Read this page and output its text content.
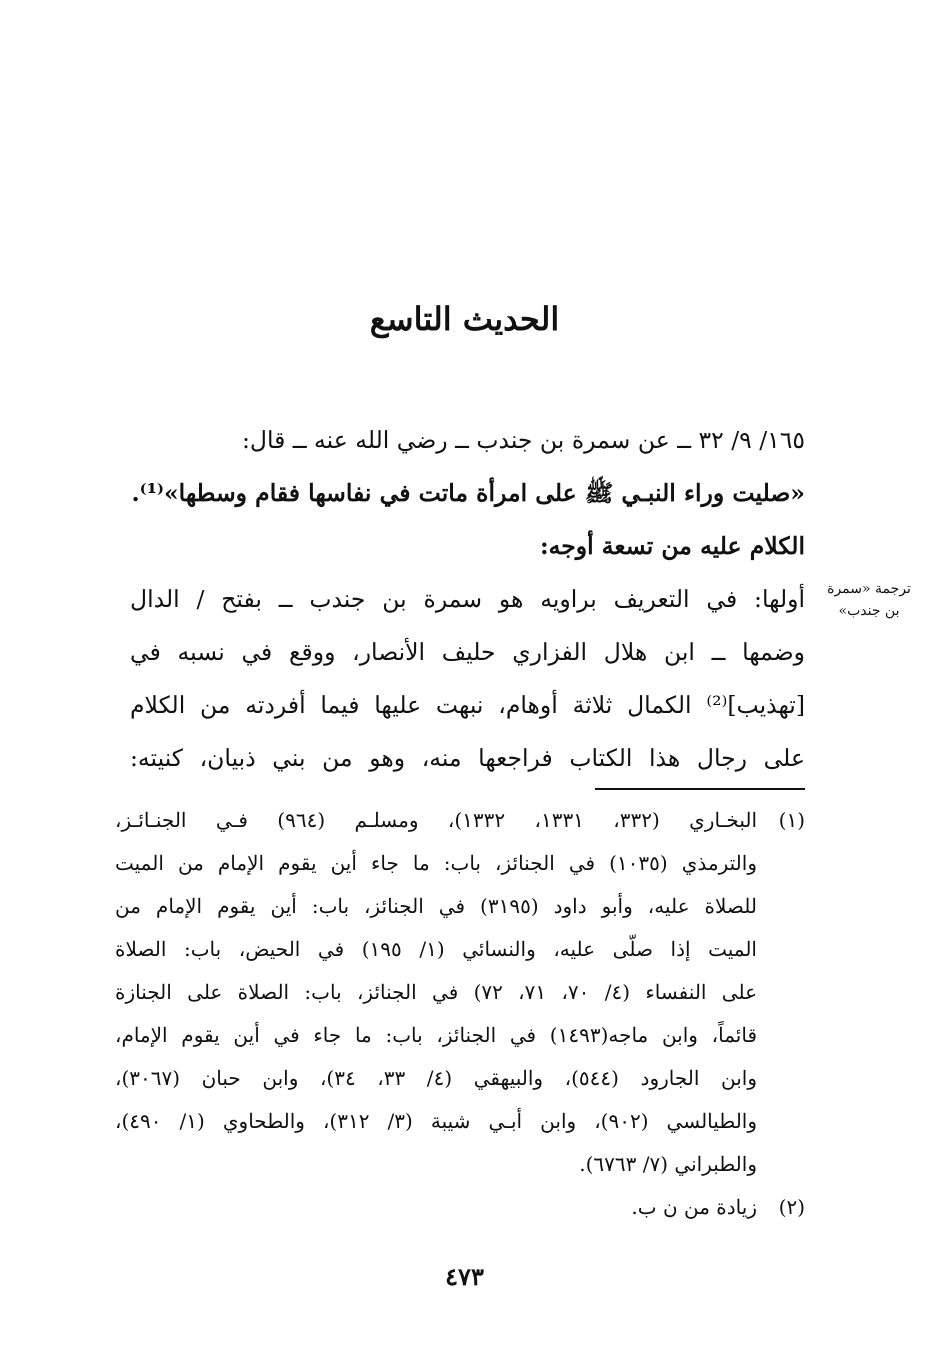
الحديث التاسع
١٦٥/ ٩/ ٣٢ ــ عن سمرة بن جندب ــ رضي الله عنه ــ قال:
«صليت وراء النبـي ﷺ على امرأة ماتت في نفاسها فقام وسطها»⁽¹⁾.
الكلام عليه من تسعة أوجه:
أولها: في التعريف براويه هو سمرة بن جندب ــ بفتح / الدال
وضمها ــ ابن هلال الفزاري حليف الأنصار، ووقع في نسبه في
[تهذيب]⁽²⁾ الكمال ثلاثة أوهام، نبهت عليها فيما أفردته من الكلام
على رجال هذا الكتاب فراجعها منه، وهو من بني ذبيان، كنيته:
ترجمة «سمرة
بن جندب»
(١)
البخـاري (٣٣٢، ١٣٣١، ١٣٣٢)، ومسلـم (٩٦٤) فـي الجنـائـز،
والترمذي (١٠٣٥) في الجنائز، باب: ما جاء أين يقوم الإمام من الميت
للصلاة عليه، وأبو داود (٣١٩٥) في الجنائز، باب: أين يقوم الإمام من
الميت إذا صلّى عليه، والنسائي (١/ ١٩٥) في الحيض، باب: الصلاة
على النفساء (٤/ ٧٠، ٧١، ٧٢) في الجنائز، باب: الصلاة على الجنازة
قائماً، وابن ماجه(١٤٩٣) في الجنائز، باب: ما جاء في أين يقوم الإمام،
وابن الجارود (٥٤٤)، والبيهقي (٤/ ٣٣، ٣٤)، وابن حبان (٣٠٦٧)،
والطيالسي (٩٠٢)، وابن أبـي شيبة (٣/ ٣١٢)، والطحاوي (١/ ٤٩٠)،
والطبراني (٧/ ٦٧٦٣).
(٢)
زيادة من ن ب.
٤٧٣
